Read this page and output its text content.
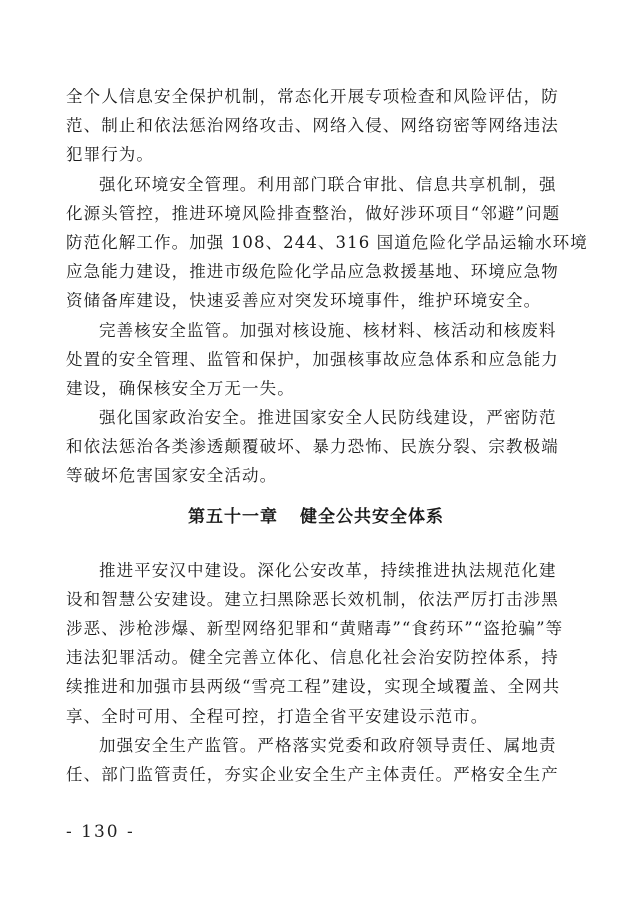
全个人信息安全保护机制，常态化开展专项检查和风险评估，防
范、制止和依法惩治网络攻击、网络入侵、网络窃密等网络违法
犯罪行为。
强化环境安全管理。利用部门联合审批、信息共享机制，强
化源头管控，推进环境风险排查整治，做好涉环项目“邻避”问题
防范化解工作。加强 108、244、316 国道危险化学品运输水环境
应急能力建设，推进市级危险化学品应急救援基地、环境应急物
资储备库建设，快速妥善应对突发环境事件，维护环境安全。
完善核安全监管。加强对核设施、核材料、核活动和核废料
处置的安全管理、监管和保护，加强核事故应急体系和应急能力
建设，确保核安全万无一失。
强化国家政治安全。推进国家安全人民防线建设，严密防范
和依法惩治各类渗透颠覆破坏、暴力恐怖、民族分裂、宗教极端
等破坏危害国家安全活动。
第五十一章 健全公共安全体系
推进平安汉中建设。深化公安改革，持续推进执法规范化建
设和智慧公安建设。建立扫黑除恶长效机制，依法严厉打击涉黑
涉恶、涉枪涉爆、新型网络犯罪和“黄赌毒”“食药环”“盗抢骗”等
违法犯罪活动。健全完善立体化、信息化社会治安防控体系，持
续推进和加强市县两级“雪亮工程”建设，实现全域覆盖、全网共
享、全时可用、全程可控，打造全省平安建设示范市。
加强安全生产监管。严格落实党委和政府领导责任、属地责
任、部门监管责任，夯实企业安全生产主体责任。严格安全生产
- 130 -
